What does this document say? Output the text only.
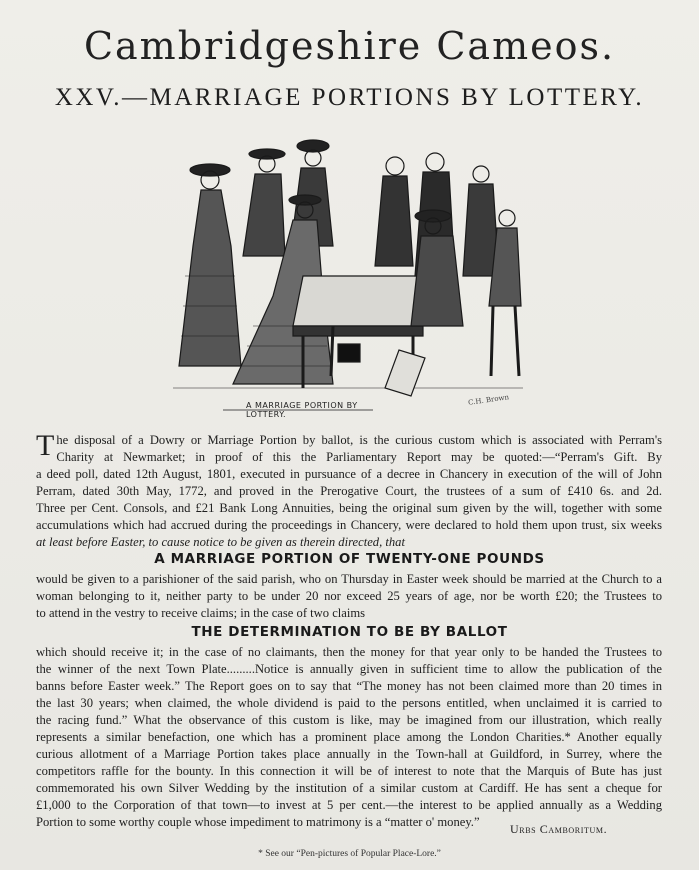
Cambridgeshire Cameos.
XXV.—MARRIAGE PORTIONS BY LOTTERY.
A MARRIAGE PORTION BY LOTTERY.
C.H. Brown
T he disposal of a Dowry or Marriage Portion by ballot, is the curious custom which is associated with Perram's
Charity at Newmarket; in proof of this the Parliamentary Report may be quoted:—“Perram's Gift. By
a deed poll, dated 12th August, 1801, executed in pursuance of a decree in Chancery in execution of the will of John
Perram, dated 30th May, 1772, and proved in the Prerogative Court, the trustees of a sum of £410 6s. and 2d.
Three per Cent. Consols, and £21 Bank Long Annuities, being the original sum given by the will, together with some
accumulations which had accrued during the proceedings in Chancery, were declared to hold them upon trust, six weeks
at least before Easter, to cause notice to be given as therein directed, that
A MARRIAGE PORTION OF TWENTY-ONE POUNDS
would be given to a parishioner of the said parish, who on Thursday in Easter week should be married at the Church to a
woman belonging to it, neither party to be under 20 nor exceed 25 years of age, nor be worth £20; the Trustees to
to attend in the vestry to receive claims; in the case of two claims
THE DETERMINATION TO BE BY BALLOT
which should receive it; in the case of no claimants, then the money for that year only to be handed the Trustees to
the winner of the next Town Plate.........Notice is annually given in sufficient time to allow the publication of the
banns before Easter week.” The Report goes on to say that “The money has not been claimed more than 20 times in
the last 30 years; when claimed, the whole dividend is paid to the persons entitled, when unclaimed it is carried to
the racing fund.” What the observance of this custom is like, may be imagined from our illustration, which really
represents a similar benefaction, one which has a prominent place among the London Charities.* Another equally
curious allotment of a Marriage Portion takes place annually in the Town-hall at Guildford, in Surrey, where the
competitors raffle for the bounty. In this connection it will be of interest to note that the Marquis of Bute has just
commemorated his own Silver Wedding by the institution of a similar custom at Cardiff. He has sent a cheque for
£1,000 to the Corporation of that town—to invest at 5 per cent.—the interest to be applied annually as a Wedding
Portion to some worthy couple whose impediment to matrimony is a “matter o' money.”	Urbs Camboritum.
* See our “Pen-pictures of Popular Place-Lore.”
